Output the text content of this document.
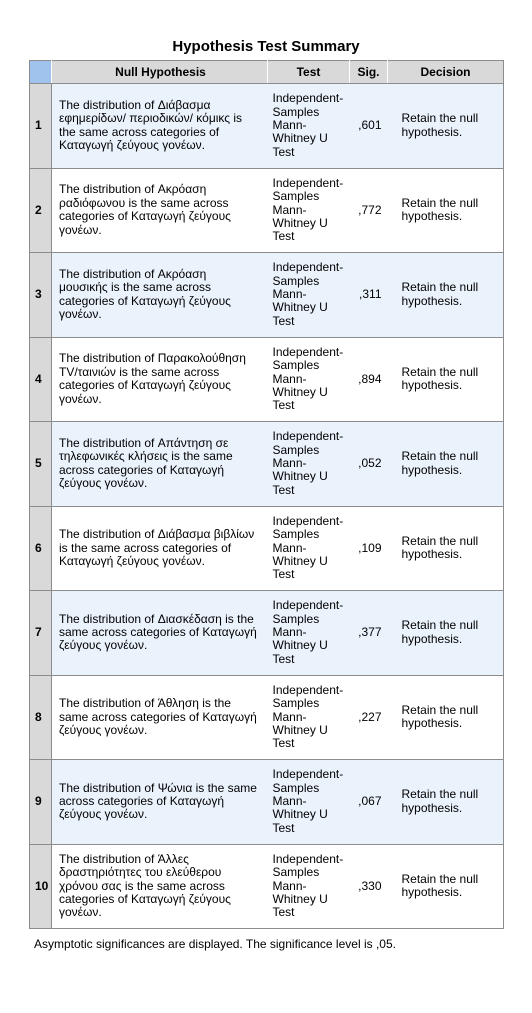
Hypothesis Test Summary
	Null Hypothesis	Test	Sig.	Decision
1	The distribution of Διάβασμα εφημερίδων/ περιοδικών/ κόμικς is the same across categories of Καταγωγή ζεύγους γονέων.	Independent-Samples Mann-Whitney U Test	,601	Retain the null hypothesis.
2	The distribution of Ακρόαση ραδιόφωνου is the same across categories of Καταγωγή ζεύγους γονέων.	Independent-Samples Mann-Whitney U Test	,772	Retain the null hypothesis.
3	The distribution of Ακρόαση μουσικής is the same across categories of Καταγωγή ζεύγους γονέων.	Independent-Samples Mann-Whitney U Test	,311	Retain the null hypothesis.
4	The distribution of Παρακολούθηση TV/ταινιών is the same across categories of Καταγωγή ζεύγους γονέων.	Independent-Samples Mann-Whitney U Test	,894	Retain the null hypothesis.
5	The distribution of Απάντηση σε τηλεφωνικές κλήσεις is the same across categories of Καταγωγή ζεύγους γονέων.	Independent-Samples Mann-Whitney U Test	,052	Retain the null hypothesis.
6	The distribution of Διάβασμα βιβλίων is the same across categories of Καταγωγή ζεύγους γονέων.	Independent-Samples Mann-Whitney U Test	,109	Retain the null hypothesis.
7	The distribution of Διασκέδαση is the same across categories of Καταγωγή ζεύγους γονέων.	Independent-Samples Mann-Whitney U Test	,377	Retain the null hypothesis.
8	The distribution of Άθληση is the same across categories of Καταγωγή ζεύγους γονέων.	Independent-Samples Mann-Whitney U Test	,227	Retain the null hypothesis.
9	The distribution of Ψώνια is the same across categories of Καταγωγή ζεύγους γονέων.	Independent-Samples Mann-Whitney U Test	,067	Retain the null hypothesis.
10	The distribution of Άλλες δραστηριότητες του ελεύθερου χρόνου σας is the same across categories of Καταγωγή ζεύγους γονέων.	Independent-Samples Mann-Whitney U Test	,330	Retain the null hypothesis.
Asymptotic significances are displayed. The significance level is ,05.
